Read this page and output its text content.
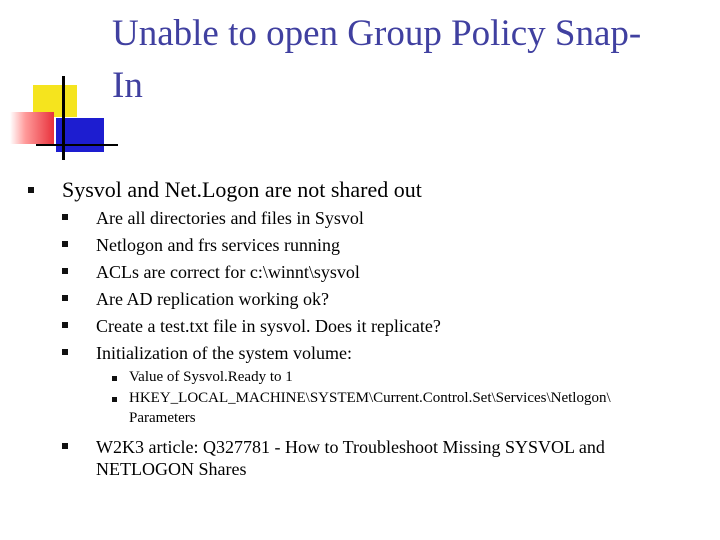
Unable to open Group Policy Snap-
In
Sysvol and Net.Logon are not shared out
Are all directories and files in Sysvol
Netlogon and frs services running
ACLs are correct for c:\winnt\sysvol
Are AD replication working ok?
Create a test.txt file in sysvol. Does it replicate?
Initialization of the system volume:
Value of Sysvol.Ready to 1
HKEY_LOCAL_MACHINE\SYSTEM\Current.Control.Set\Services\Netlogon\
Parameters
W2K3 article: Q327781 - How to Troubleshoot Missing SYSVOL and
NETLOGON Shares
